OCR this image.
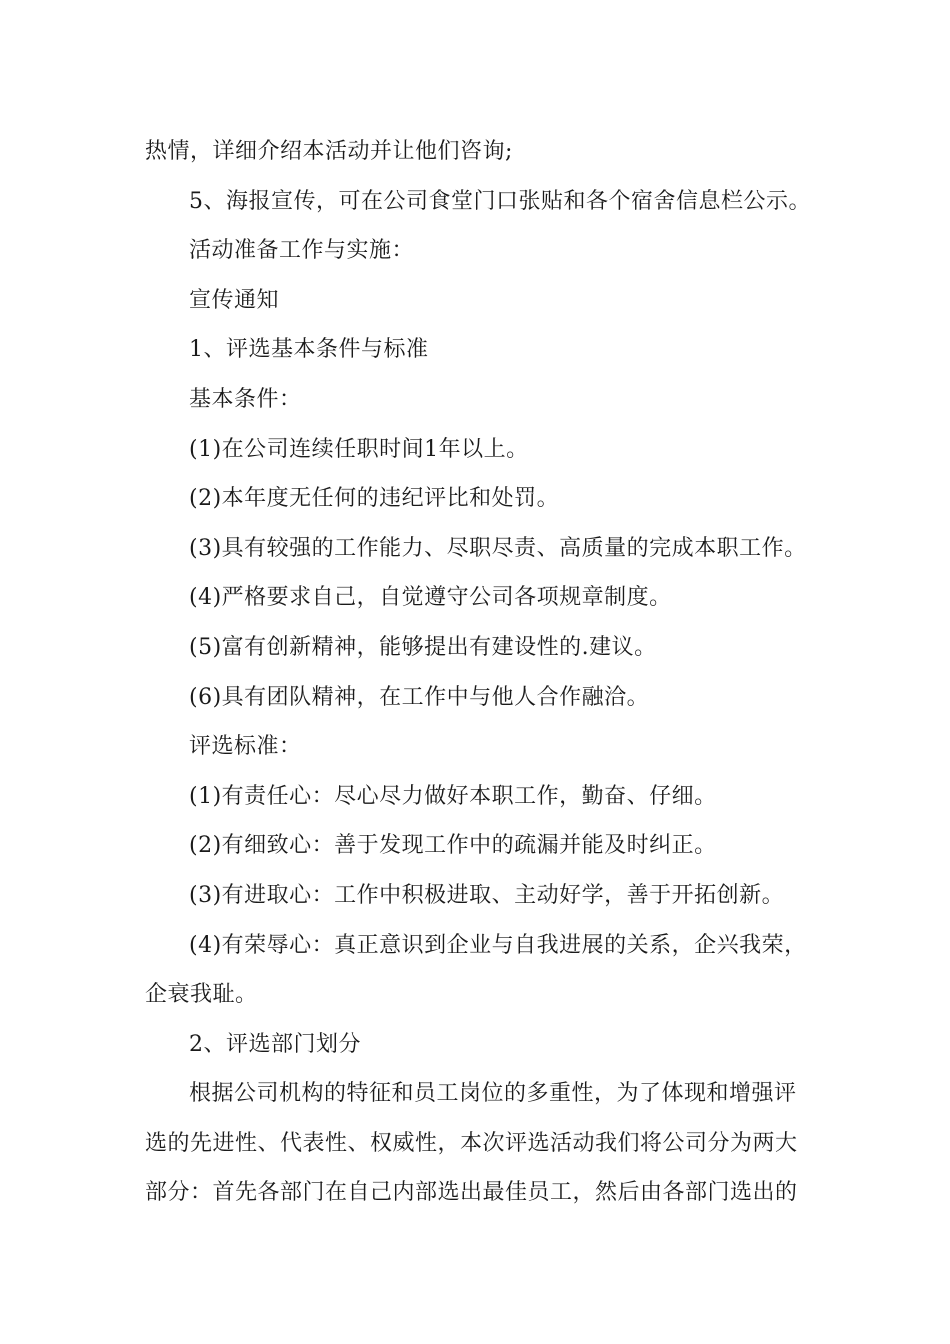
热情，详细介绍本活动并让他们咨询;

5、海报宣传，可在公司食堂门口张贴和各个宿舍信息栏公示。

活动准备工作与实施：

宣传通知

1、评选基本条件与标准

基本条件：

(1)在公司连续任职时间1年以上。

(2)本年度无任何的违纪评比和处罚。

(3)具有较强的工作能力、尽职尽责、高质量的完成本职工作。

(4)严格要求自己，自觉遵守公司各项规章制度。

(5)富有创新精神，能够提出有建设性的.建议。

(6)具有团队精神，在工作中与他人合作融洽。

评选标准：

(1)有责任心：尽心尽力做好本职工作，勤奋、仔细。

(2)有细致心：善于发现工作中的疏漏并能及时纠正。

(3)有进取心：工作中积极进取、主动好学，善于开拓创新。

(4)有荣辱心：真正意识到企业与自我进展的关系，企兴我荣，

企衰我耻。

2、评选部门划分

根据公司机构的特征和员工岗位的多重性，为了体现和增强评

选的先进性、代表性、权威性，本次评选活动我们将公司分为两大

部分：首先各部门在自己内部选出最佳员工，然后由各部门选出的
